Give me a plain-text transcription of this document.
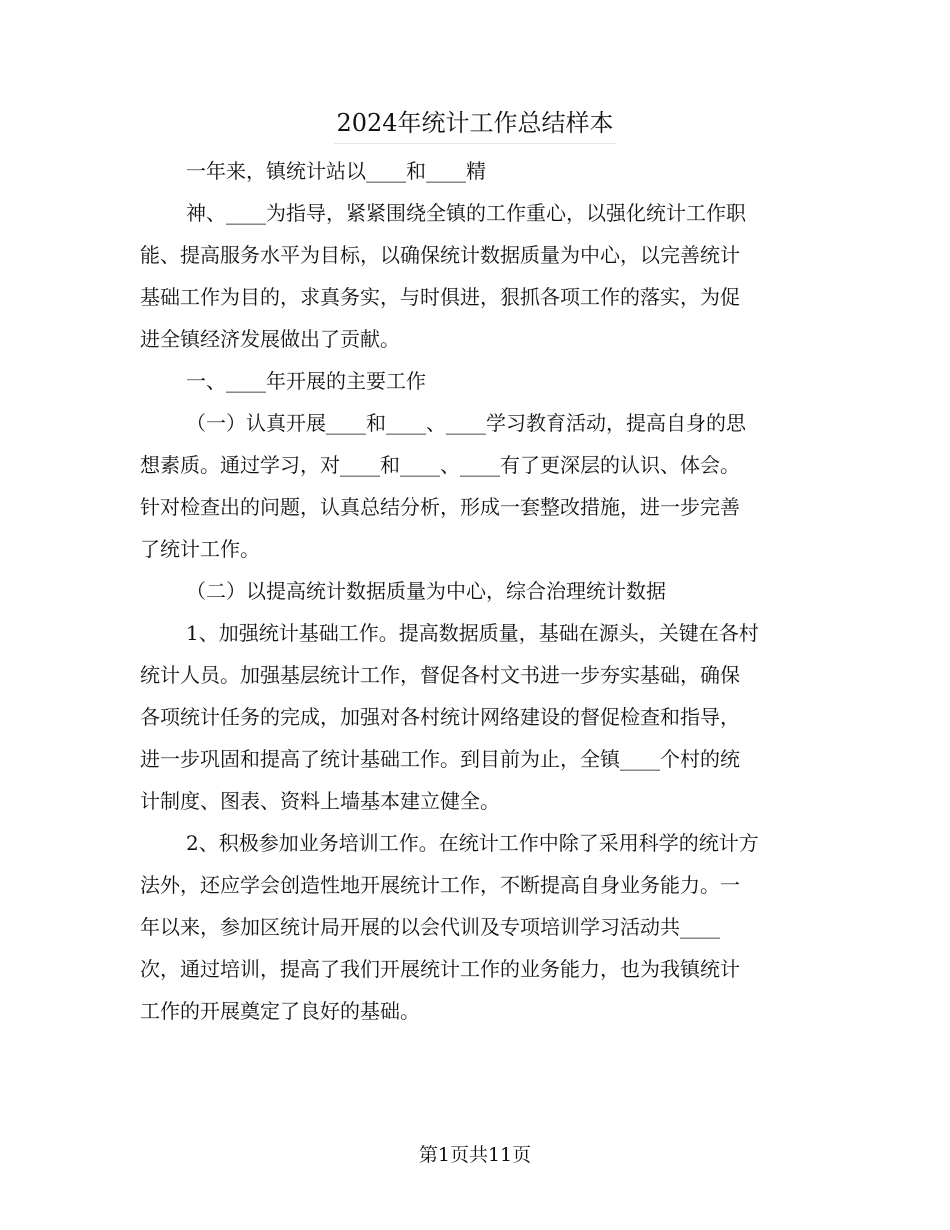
2024年统计工作总结样本
一年来，镇统计站以____和____精
神、____为指导，紧紧围绕全镇的工作重心，以强化统计工作职
能、提高服务水平为目标，以确保统计数据质量为中心，以完善统计
基础工作为目的，求真务实，与时俱进，狠抓各项工作的落实，为促
进全镇经济发展做出了贡献。
一、____年开展的主要工作
（一）认真开展____和____、____学习教育活动，提高自身的思
想素质。通过学习，对____和____、____有了更深层的认识、体会。
针对检查出的问题，认真总结分析，形成一套整改措施，进一步完善
了统计工作。
（二）以提高统计数据质量为中心，综合治理统计数据
1、加强统计基础工作。提高数据质量，基础在源头，关键在各村
统计人员。加强基层统计工作，督促各村文书进一步夯实基础，确保
各项统计任务的完成，加强对各村统计网络建设的督促检查和指导，
进一步巩固和提高了统计基础工作。到目前为止，全镇____个村的统
计制度、图表、资料上墙基本建立健全。
2、积极参加业务培训工作。在统计工作中除了采用科学的统计方
法外，还应学会创造性地开展统计工作，不断提高自身业务能力。一
年以来，参加区统计局开展的以会代训及专项培训学习活动共____
次，通过培训，提高了我们开展统计工作的业务能力，也为我镇统计
工作的开展奠定了良好的基础。
第1页共11页
